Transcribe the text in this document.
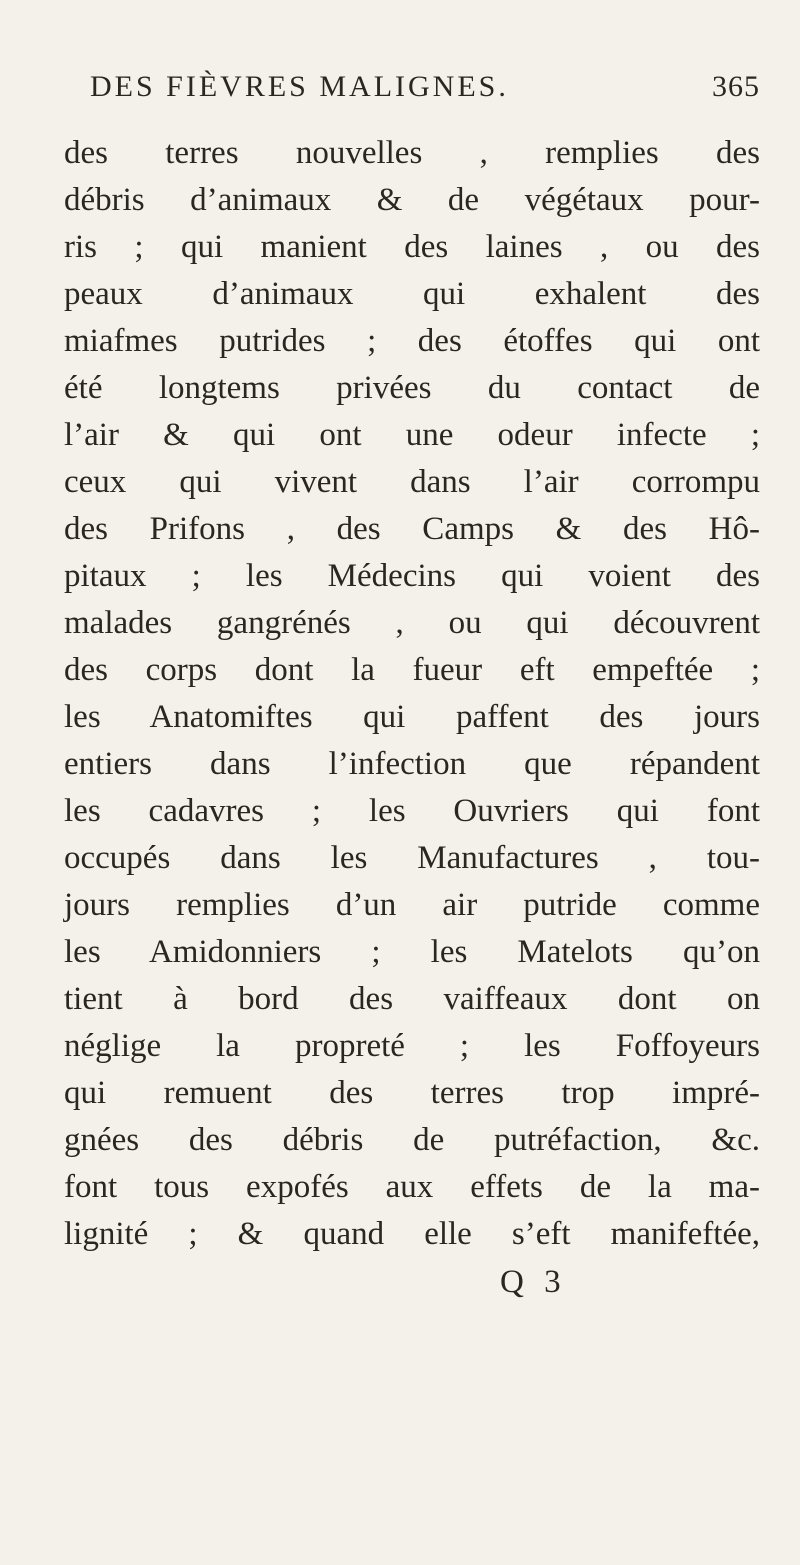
DES FIÈVRES MALIGNES.	365
des terres nouvelles , remplies des
débris d’animaux & de végétaux pour-
ris ; qui manient des laines , ou des
peaux d’animaux qui exhalent des
miafmes putrides ; des étoffes qui ont
été longtems privées du contact de
l’air & qui ont une odeur infecte ;
ceux qui vivent dans l’air corrompu
des Prifons , des Camps & des Hô-
pitaux ; les Médecins qui voient des
malades gangrénés , ou qui découvrent
des corps dont la fueur eft empeftée ;
les Anatomiftes qui paffent des jours
entiers dans l’infection que répandent
les cadavres ; les Ouvriers qui font
occupés dans les Manufactures , tou-
jours remplies d’un air putride comme
les Amidonniers ; les Matelots qu’on
tient à bord des vaiffeaux dont on
néglige la propreté ; les Foffoyeurs
qui remuent des terres trop impré-
gnées des débris de putréfaction, &c.
font tous expofés aux effets de la ma-
lignité ; & quand elle s’eft manifeftée,
Q 3
